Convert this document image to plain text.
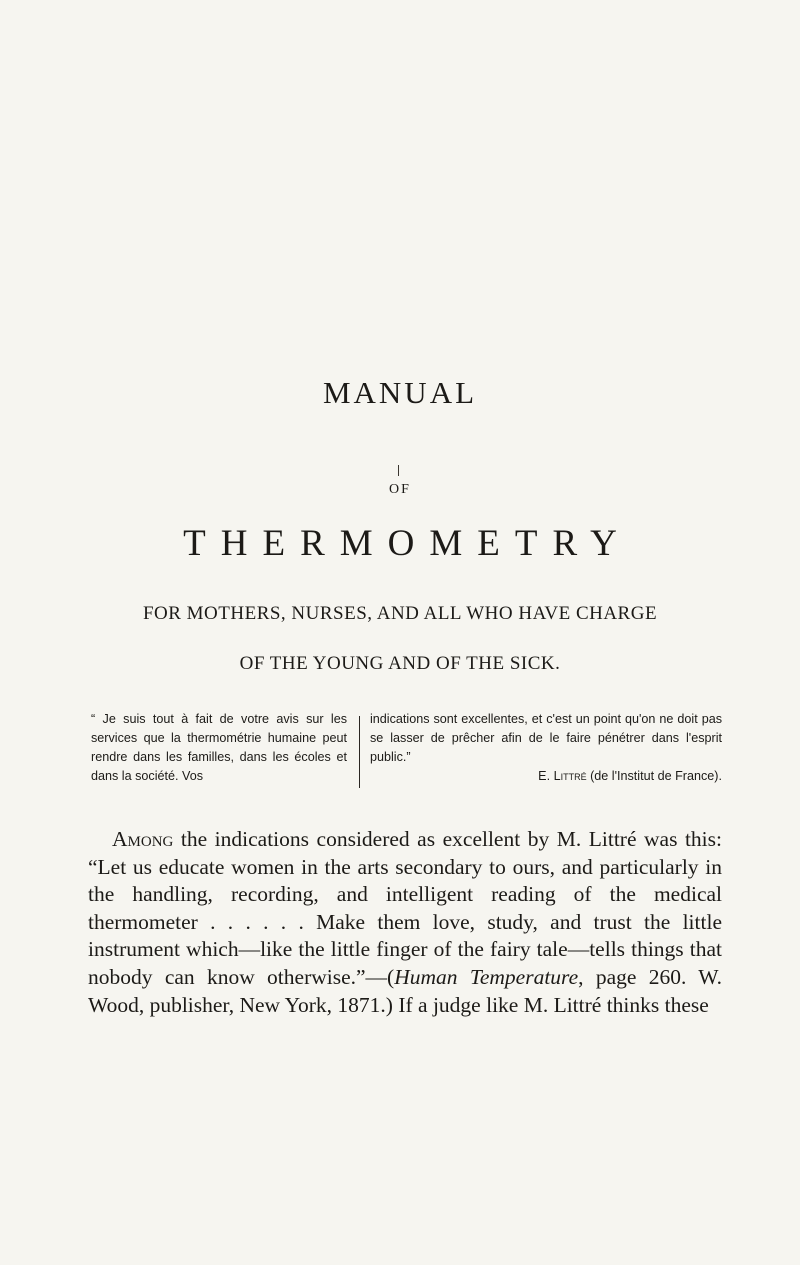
MANUAL
OF
THERMOMETRY
FOR MOTHERS, NURSES, AND ALL WHO HAVE CHARGE
OF THE YOUNG AND OF THE SICK.
“ Je suis tout à fait de votre avis sur les services que la thermométrie humaine peut rendre dans les familles, dans les écoles et dans la société. Vos
indications sont excellentes, et c'est un point qu'on ne doit pas se lasser de prêcher afin de le faire pénétrer dans l'esprit public.”
E. Littré (de l'Institut de France).

Among the indications considered as excellent by M. Littré was this: “Let us educate women in the arts secondary to ours, and particularly in the handling, recording, and intelligent reading of the medical thermometer . . . . . . Make them love, study, and trust the little instrument which—like the little finger of the fairy tale—tells things that nobody can know otherwise.”—(Human Temperature, page 260. W. Wood, publisher, New York, 1871.) If a judge like M. Littré thinks these
